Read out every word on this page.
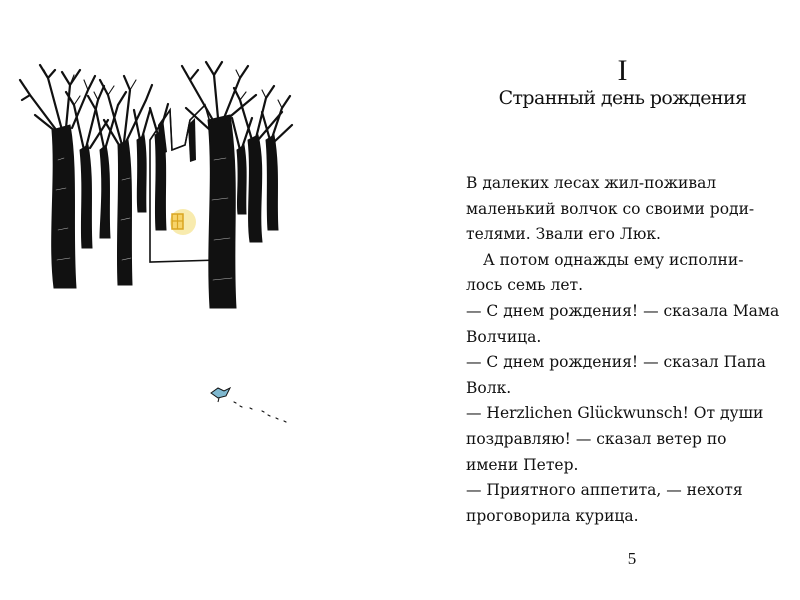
I
Странный день рождения
В далеких лесах жил-поживал
маленький волчок со своими роди-
телями. Звали его Люк.
А потом однажды ему исполни-
лось семь лет.
— С днем рождения! — сказала Мама
Волчица.
— С днем рождения! — сказал Папа
Волк.
— Herzlichen Glückwunsch! От души
поздравляю! — сказал ветер по
имени Петер.
— Приятного аппетита, — нехотя
проговорила курица.
5
